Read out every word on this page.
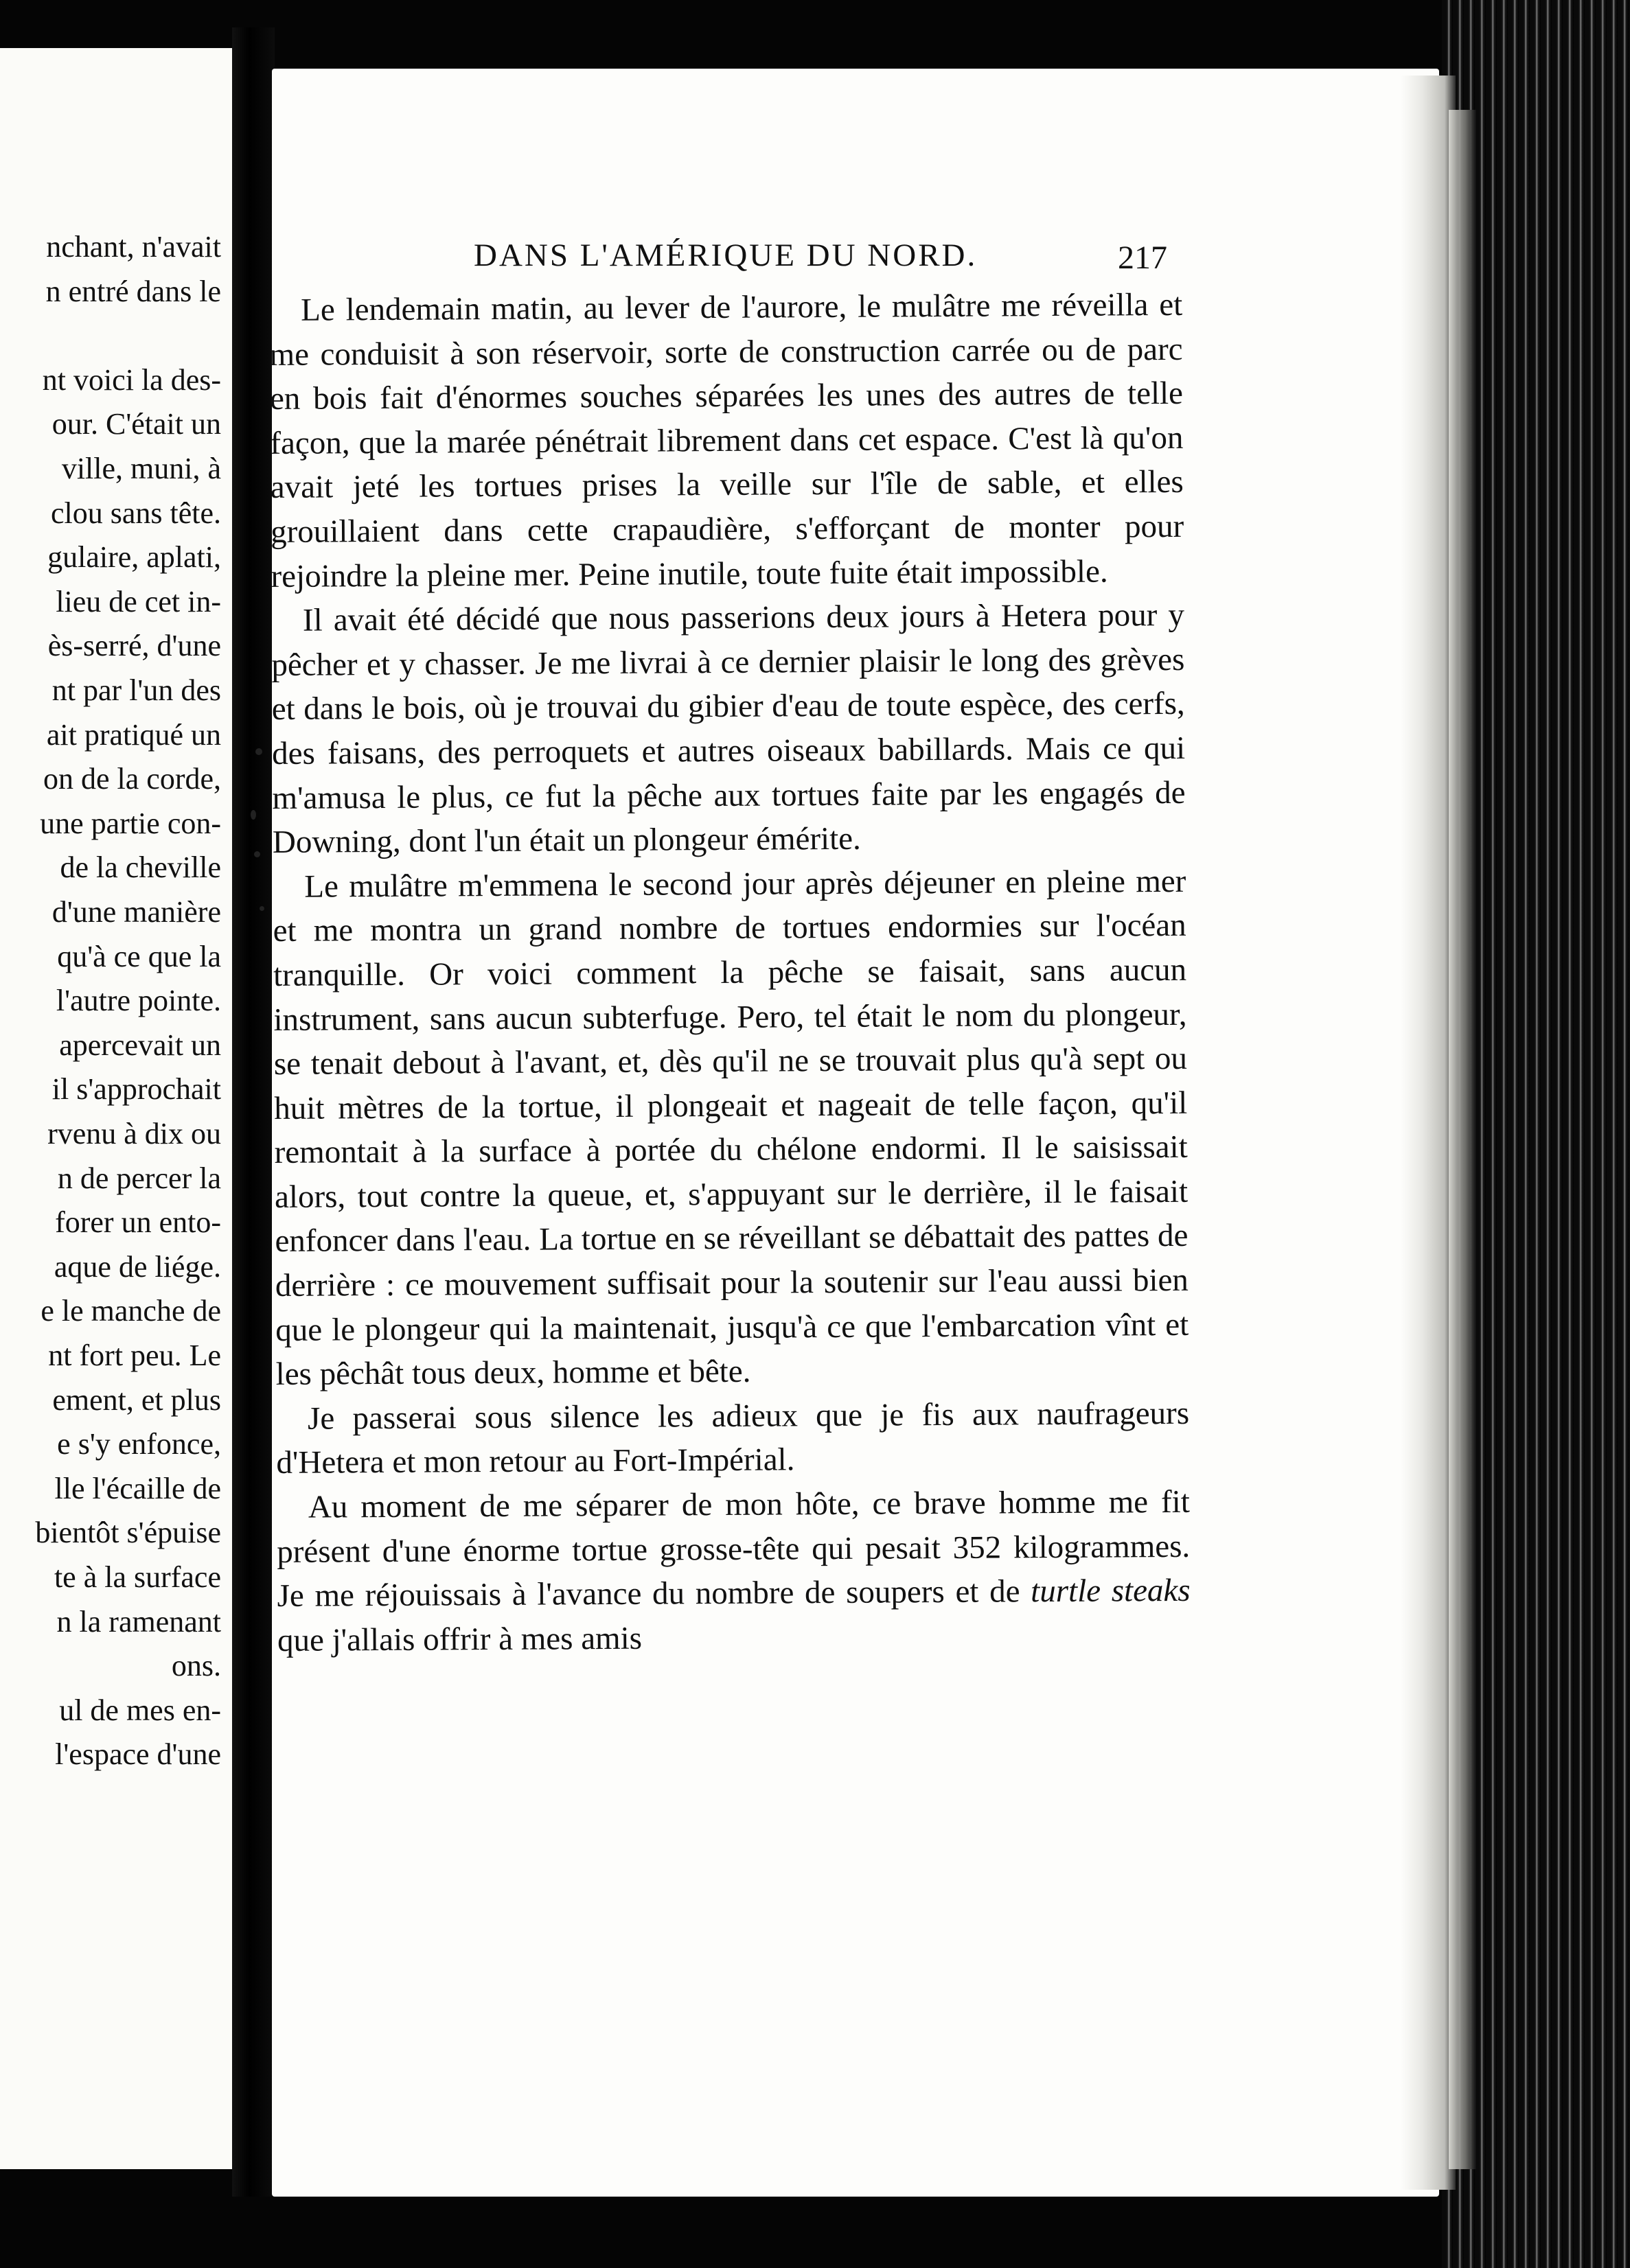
nchant, n'avait
n entré dans le
nt voici la des-
our. C'était un
ville, muni, à
clou sans tête.
gulaire, aplati,
lieu de cet in-
ès-serré, d'une
nt par l'un des
ait pratiqué un
on de la corde,
une partie con-
de la cheville
d'une manière
qu'à ce que la
l'autre pointe.
apercevait un
il s'approchait
rvenu à dix ou
n de percer la
forer un ento-
aque de liége.
e le manche de
nt fort peu. Le
ement, et plus
e s'y enfonce,
lle l'écaille de
bientôt s'épuise
te à la surface
n la ramenant
ons.
ul de mes en-
l'espace d'une
DANS L'AMÉRIQUE DU NORD.	217

Le lendemain matin, au lever de l'aurore, le mulâtre me réveilla et me conduisit à son réservoir, sorte de construction carrée ou de parc en bois fait d'énormes souches séparées les unes des autres de telle façon, que la marée pénétrait librement dans cet espace. C'est là qu'on avait jeté les tortues prises la veille sur l'île de sable, et elles grouillaient dans cette crapaudière, s'efforçant de monter pour rejoindre la pleine mer. Peine inutile, toute fuite était impossible.

Il avait été décidé que nous passerions deux jours à Hetera pour y pêcher et y chasser. Je me livrai à ce dernier plaisir le long des grèves et dans le bois, où je trouvai du gibier d'eau de toute espèce, des cerfs, des faisans, des perroquets et autres oiseaux babillards. Mais ce qui m'amusa le plus, ce fut la pêche aux tortues faite par les engagés de Downing, dont l'un était un plongeur émérite.

Le mulâtre m'emmena le second jour après déjeuner en pleine mer et me montra un grand nombre de tortues endormies sur l'océan tranquille. Or voici comment la pêche se faisait, sans aucun instrument, sans aucun subterfuge. Pero, tel était le nom du plongeur, se tenait debout à l'avant, et, dès qu'il ne se trouvait plus qu'à sept ou huit mètres de la tortue, il plongeait et nageait de telle façon, qu'il remontait à la surface à portée du chélone endormi. Il le saisissait alors, tout contre la queue, et, s'appuyant sur le derrière, il le faisait enfoncer dans l'eau. La tortue en se réveillant se débattait des pattes de derrière : ce mouvement suffisait pour la soutenir sur l'eau aussi bien que le plongeur qui la maintenait, jusqu'à ce que l'embarcation vînt et les pêchât tous deux, homme et bête.

Je passerai sous silence les adieux que je fis aux naufrageurs d'Hetera et mon retour au Fort-Impérial.

Au moment de me séparer de mon hôte, ce brave homme me fit présent d'une énorme tortue grosse-tête qui pesait 352 kilogrammes. Je me réjouissais à l'avance du nombre de soupers et de turtle steaks que j'allais offrir à mes amis
